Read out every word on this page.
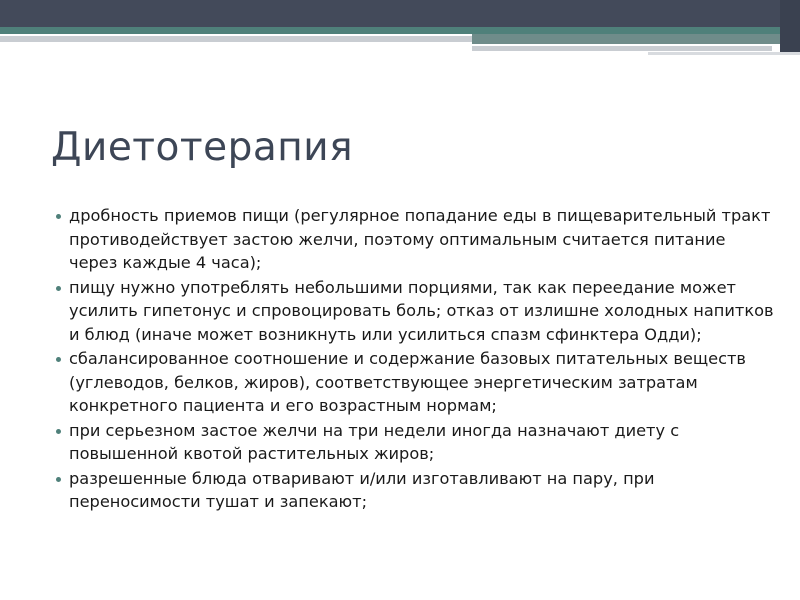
Диетотерапия
дробность приемов пищи (регулярное попадание еды в пищеварительный тракт противодействует застою желчи, поэтому оптимальным считается питание через каждые 4 часа);
пищу нужно употреблять небольшими порциями, так как переедание может усилить гипетонус и спровоцировать боль; отказ от излишне холодных напитков и блюд (иначе может возникнуть или усилиться спазм сфинктера Одди);
сбалансированное соотношение и содержание базовых питательных веществ (углеводов, белков, жиров), соответствующее энергетическим затратам конкретного пациента и его возрастным нормам;
при серьезном застое желчи на три недели иногда назначают диету с повышенной квотой растительных жиров;
разрешенные блюда отваривают и/или изготавливают на пару, при переносимости тушат и запекают;
